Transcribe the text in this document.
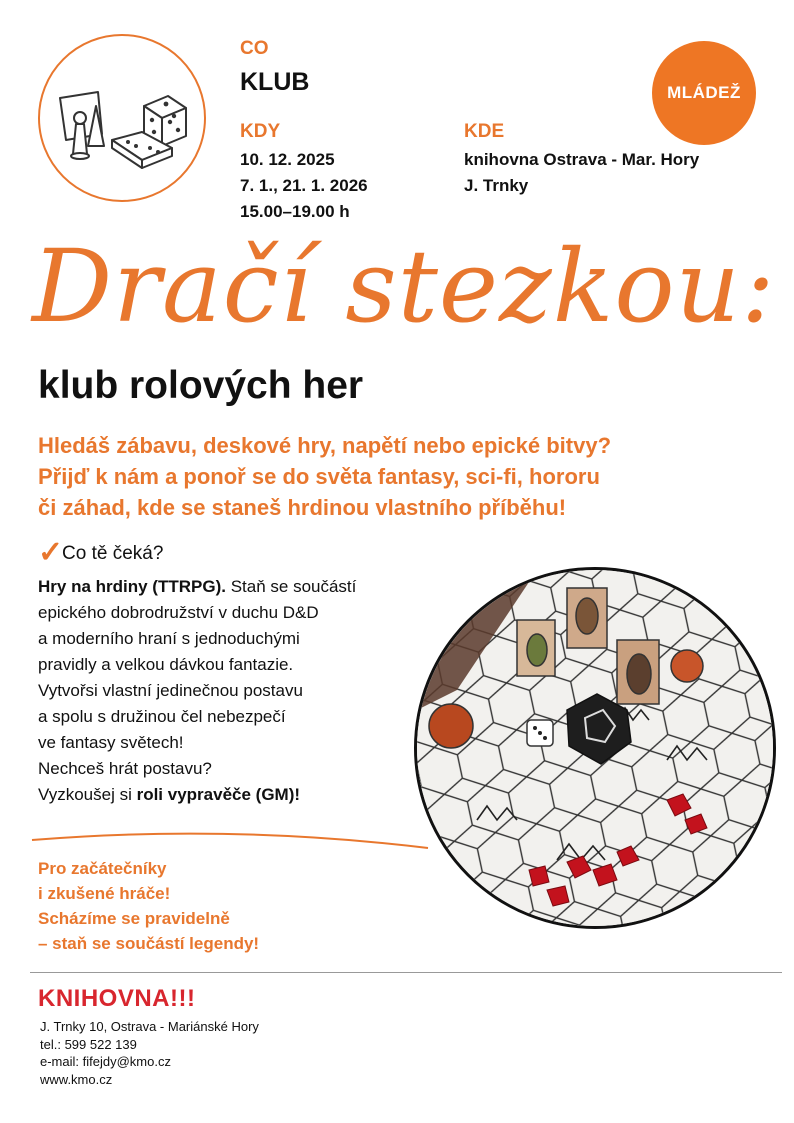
CO
KLUB
KDY
10. 12. 2025
7. 1., 21. 1. 2026
15.00–19.00 h
KDE
knihovna Ostrava - Mar. Hory
J. Trnky
MLÁDEŽ
Dračí stezkou:
klub rolových her
Hledáš zábavu, deskové hry, napětí nebo epické bitvy?
Přijď k nám a ponoř se do světa fantasy, sci-fi, hororu
či záhad, kde se staneš hrdinou vlastního příběhu!
✓
Co tě čeká?
Hry na hrdiny (TTRPG). Staň se součástí
epického dobrodružství v duchu D&D
a moderního hraní s jednoduchými
pravidly a velkou dávkou fantazie.
Vytvořsi vlastní jedinečnou postavu
a spolu s družinou čel nebezpečí
ve fantasy světech!
Nechceš hrát postavu?
Vyzkoušej si roli vypravěče (GM)!
Pro začátečníky
i zkušené hráče!
Scházíme se pravidelně
– staň se součástí legendy!
KNIHOVNA!!!
J. Trnky 10, Ostrava - Mariánské Hory
tel.: 599 522 139
e-mail: fifejdy@kmo.cz
www.kmo.cz
